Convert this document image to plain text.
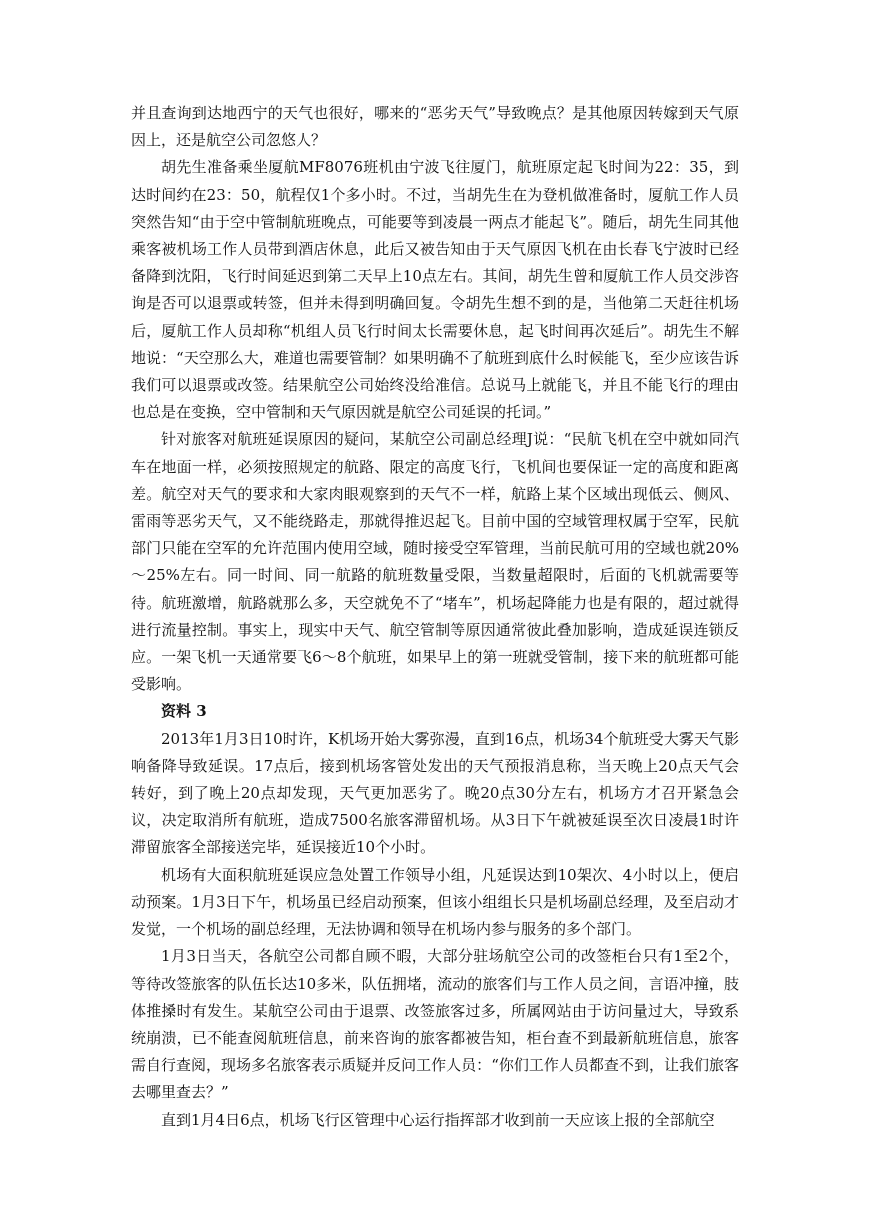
并且查询到达地西宁的天气也很好，哪来的“恶劣天气”导致晚点？是其他原因转嫁到天气原因上，还是航空公司忽悠人？

胡先生准备乘坐厦航MF8076班机由宁波飞往厦门，航班原定起飞时间为22：35，到达时间约在23：50，航程仅1个多小时。不过，当胡先生在为登机做准备时，厦航工作人员突然告知“由于空中管制航班晚点，可能要等到凌晨一两点才能起飞”。随后，胡先生同其他乘客被机场工作人员带到酒店休息，此后又被告知由于天气原因飞机在由长春飞宁波时已经备降到沈阳，飞行时间延迟到第二天早上10点左右。其间，胡先生曾和厦航工作人员交涉咨询是否可以退票或转签，但并未得到明确回复。令胡先生想不到的是，当他第二天赶往机场后，厦航工作人员却称“机组人员飞行时间太长需要休息，起飞时间再次延后”。胡先生不解地说：“天空那么大，难道也需要管制？如果明确不了航班到底什么时候能飞，至少应该告诉我们可以退票或改签。结果航空公司始终没给准信。总说马上就能飞，并且不能飞行的理由也总是在变换，空中管制和天气原因就是航空公司延误的托词。”

针对旅客对航班延误原因的疑问，某航空公司副总经理J说：“民航飞机在空中就如同汽车在地面一样，必须按照规定的航路、限定的高度飞行，飞机间也要保证一定的高度和距离差。航空对天气的要求和大家肉眼观察到的天气不一样，航路上某个区域出现低云、侧风、雷雨等恶劣天气，又不能绕路走，那就得推迟起飞。目前中国的空域管理权属于空军，民航部门只能在空军的允许范围内使用空域，随时接受空军管理，当前民航可用的空域也就20%～25%左右。同一时间、同一航路的航班数量受限，当数量超限时，后面的飞机就需要等待。航班激增，航路就那么多，天空就免不了“堵车”，机场起降能力也是有限的，超过就得进行流量控制。事实上，现实中天气、航空管制等原因通常彼此叠加影响，造成延误连锁反应。一架飞机一天通常要飞6～8个航班，如果早上的第一班就受管制，接下来的航班都可能受影响。

资料 3

2013年1月3日10时许，K机场开始大雾弥漫，直到16点，机场34个航班受大雾天气影响备降导致延误。17点后，接到机场客管处发出的天气预报消息称，当天晚上20点天气会转好，到了晚上20点却发现，天气更加恶劣了。晚20点30分左右，机场方才召开紧急会议，决定取消所有航班，造成7500名旅客滞留机场。从3日下午就被延误至次日凌晨1时许滞留旅客全部接送完毕，延误接近10个小时。

机场有大面积航班延误应急处置工作领导小组，凡延误达到10架次、4小时以上，便启动预案。1月3日下午，机场虽已经启动预案，但该小组组长只是机场副总经理，及至启动才发觉，一个机场的副总经理，无法协调和领导在机场内参与服务的多个部门。

1月3日当天，各航空公司都自顾不暇，大部分驻场航空公司的改签柜台只有1至2个，等待改签旅客的队伍长达10多米，队伍拥堵，流动的旅客们与工作人员之间，言语冲撞，肢体推搡时有发生。某航空公司由于退票、改签旅客过多，所属网站由于访问量过大，导致系统崩溃，已不能查阅航班信息，前来咨询的旅客都被告知，柜台查不到最新航班信息，旅客需自行查阅，现场多名旅客表示质疑并反问工作人员：“你们工作人员都查不到，让我们旅客去哪里查去？”

直到1月4日6点，机场飞行区管理中心运行指挥部才收到前一天应该上报的全部航空
